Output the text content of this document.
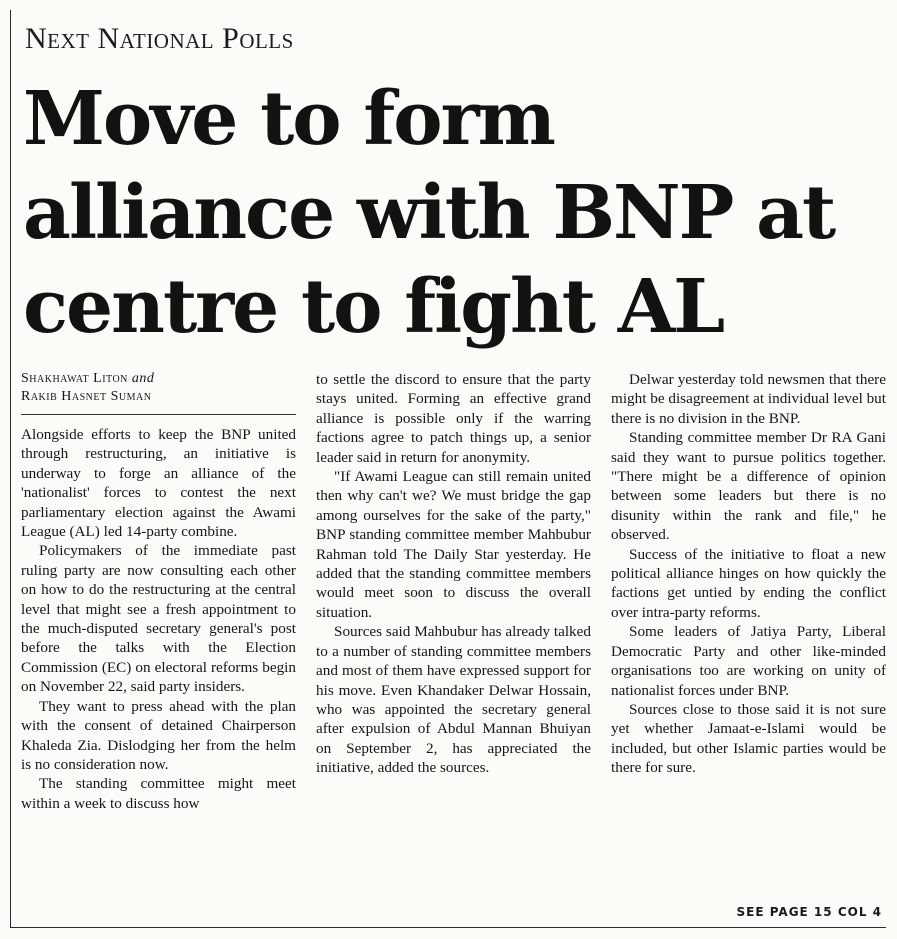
Next National Polls
Move to form alliance with BNP at centre to fight AL
Shakhawat Liton and
Rakib Hasnet Suman

Alongside efforts to keep the BNP united through restructuring, an initiative is underway to forge an alliance of the 'nationalist' forces to contest the next parliamentary election against the Awami League (AL) led 14-party combine.

Policymakers of the immediate past ruling party are now consulting each other on how to do the restructuring at the central level that might see a fresh appointment to the much-disputed secretary general's post before the talks with the Election Commission (EC) on electoral reforms begin on November 22, said party insiders.

They want to press ahead with the plan with the consent of detained Chairperson Khaleda Zia. Dislodging her from the helm is no consideration now.

The standing committee might meet within a week to discuss how

to settle the discord to ensure that the party stays united. Forming an effective grand alliance is possible only if the warring factions agree to patch things up, a senior leader said in return for anonymity.

"If Awami League can still remain united then why can't we? We must bridge the gap among ourselves for the sake of the party," BNP standing committee member Mahbubur Rahman told The Daily Star yesterday. He added that the standing committee members would meet soon to discuss the overall situation.

Sources said Mahbubur has already talked to a number of standing committee members and most of them have expressed support for his move. Even Khandaker Delwar Hossain, who was appointed the secretary general after expulsion of Abdul Mannan Bhuiyan on September 2, has appreciated the initiative, added the sources.

Delwar yesterday told newsmen that there might be disagreement at individual level but there is no division in the BNP.

Standing committee member Dr RA Gani said they want to pursue politics together. "There might be a difference of opinion between some leaders but there is no disunity within the rank and file," he observed.

Success of the initiative to float a new political alliance hinges on how quickly the factions get untied by ending the conflict over intra-party reforms.

Some leaders of Jatiya Party, Liberal Democratic Party and other like-minded organisations too are working on unity of nationalist forces under BNP.

Sources close to those said it is not sure yet whether Jamaat-e-Islami would be included, but other Islamic parties would be there for sure.

SEE PAGE 15 COL 4
